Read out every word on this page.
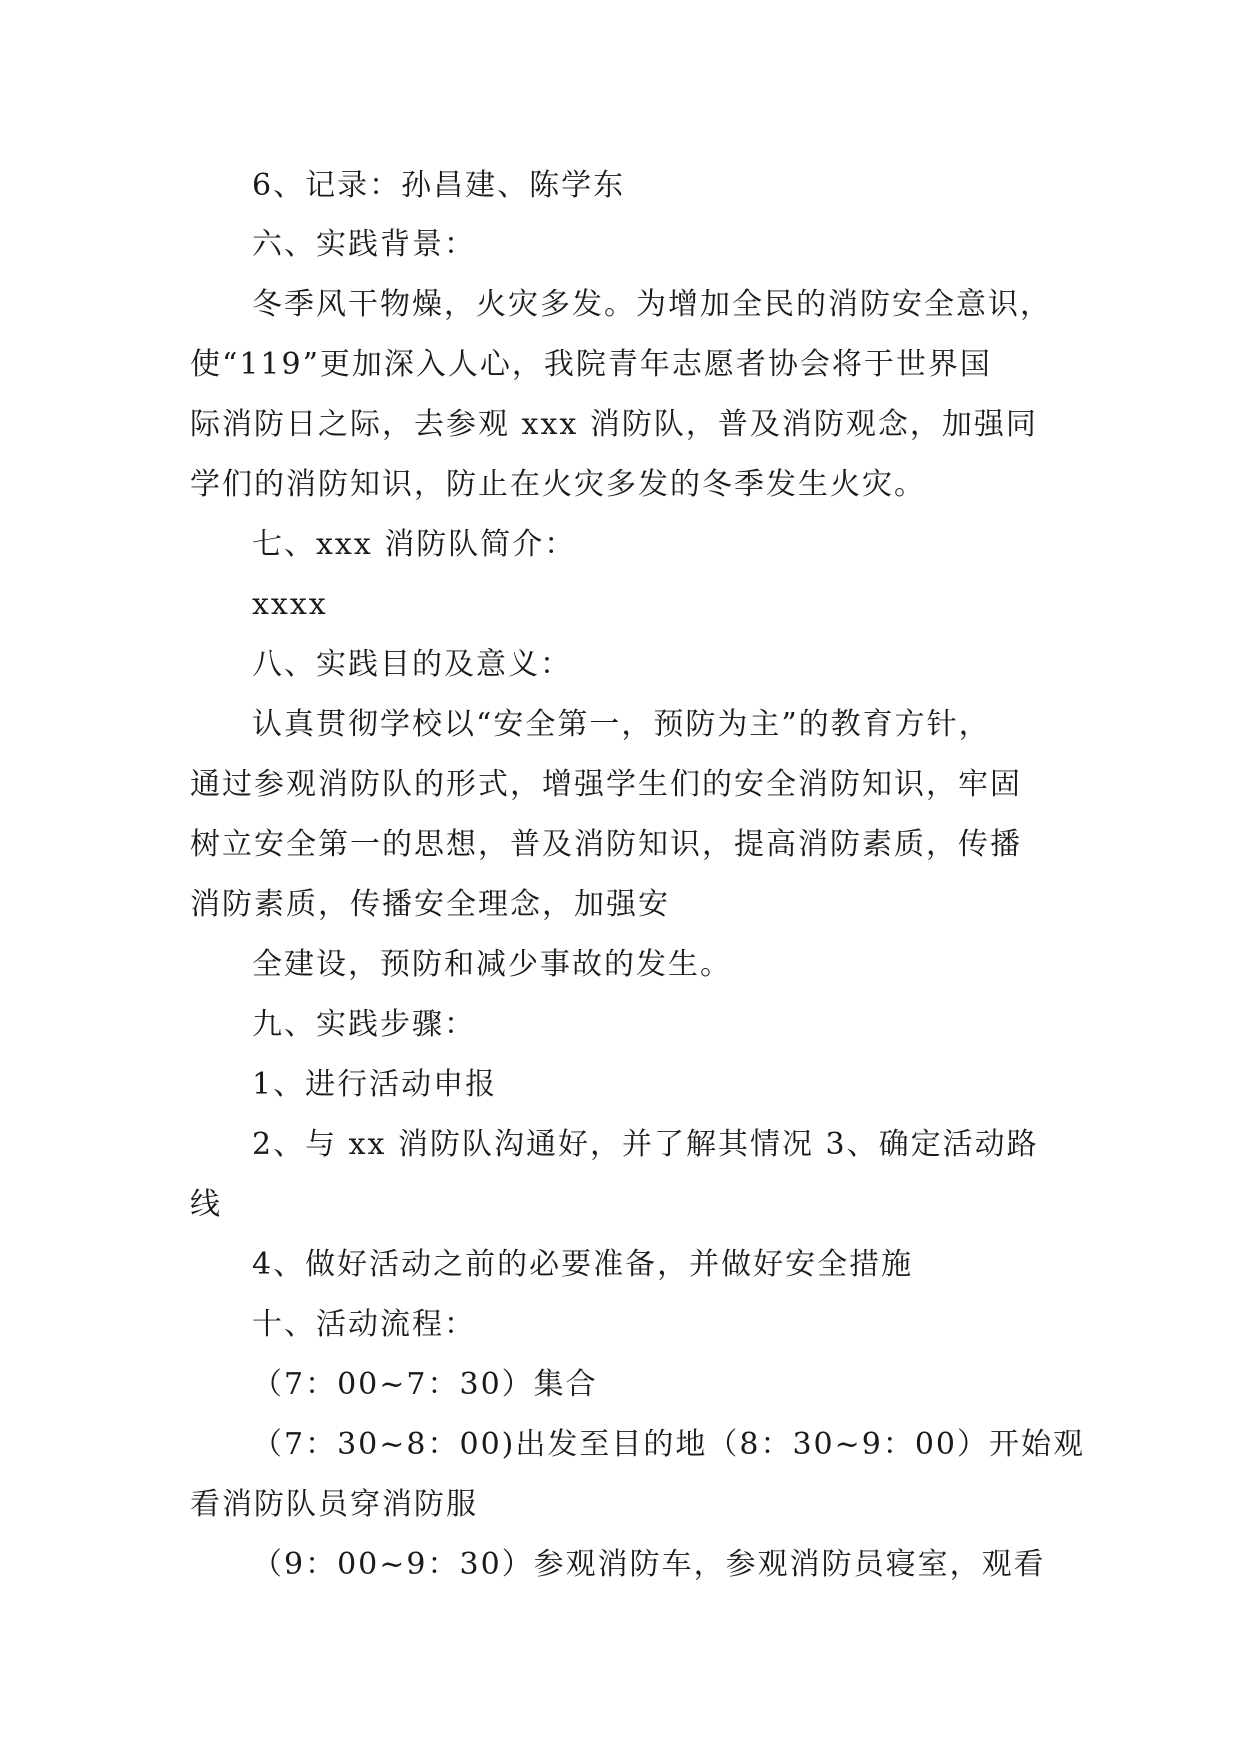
6、记录：孙昌建、陈学东
六、实践背景：
冬季风干物燥，火灾多发。为增加全民的消防安全意识，
使“119”更加深入人心，我院青年志愿者协会将于世界国
际消防日之际，去参观 xxx 消防队，普及消防观念，加强同
学们的消防知识，防止在火灾多发的冬季发生火灾。
七、xxx 消防队简介：
xxxx
八、实践目的及意义：
认真贯彻学校以“安全第一，预防为主”的教育方针，
通过参观消防队的形式，增强学生们的安全消防知识，牢固
树立安全第一的思想，普及消防知识，提高消防素质，传播
消防素质，传播安全理念，加强安
全建设，预防和减少事故的发生。
九、实践步骤：
1、进行活动申报
2、与 xx 消防队沟通好，并了解其情况 3、确定活动路
线
4、做好活动之前的必要准备，并做好安全措施
十、活动流程：
（7：00~7：30）集合
（7：30~8：00)出发至目的地（8：30~9：00）开始观
看消防队员穿消防服
（9：00~9：30）参观消防车，参观消防员寝室，观看
